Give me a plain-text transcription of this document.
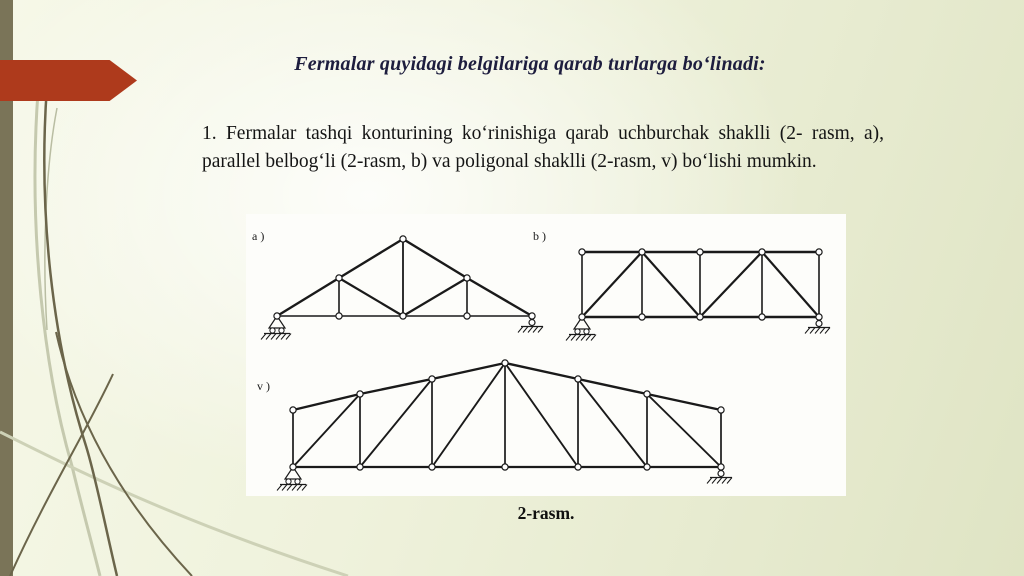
Fermalar quyidagi belgilariga qarab turlarga bo‘linadi:

1. Fermalar tashqi konturining ko‘rinishiga qarab uchburchak shaklli (2- rasm, a), parallel belbog‘li (2-rasm, b) va poligonal shaklli (2-rasm, v) bo‘lishi mumkin.

a )	b )
v )
2-rasm.
